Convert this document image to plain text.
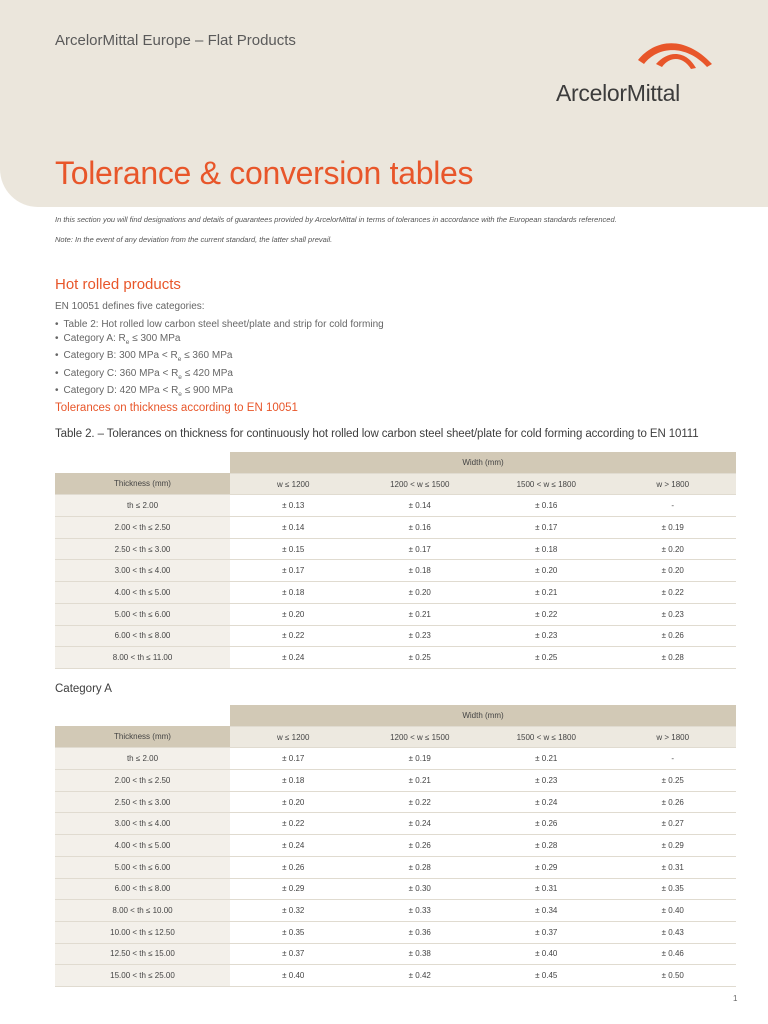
ArcelorMittal Europe – Flat Products
ArcelorMittal
Tolerance & conversion tables

In this section you will find designations and details of guarantees provided by ArcelorMittal in terms of tolerances in accordance with the European standards referenced.

Note: In the event of any deviation from the current standard, the latter shall prevail.

Hot rolled products
EN 10051 defines five categories:
• Table 2: Hot rolled low carbon steel sheet/plate and strip for cold forming
• Category A: $R_e \le 300$ MPa
• Category B: 300 MPa < $R_e \le 360$ MPa
• Category C: 360 MPa < $R_e \le 420$ MPa
• Category D: 420 MPa < $R_e \le 900$ MPa
Tolerances on thickness according to EN 10051
Table 2. – Tolerances on thickness for continuously hot rolled low carbon steel sheet/plate for cold forming according to EN 10111
	Width (mm)			
Thickness (mm)	w ≤ 1200	1200 < w ≤ 1500	1500 < w ≤ 1800	w > 1800
th ≤ 2.00	± 0.13	± 0.14	± 0.16	-
2.00 < th ≤ 2.50	± 0.14	± 0.16	± 0.17	± 0.19
2.50 < th ≤ 3.00	± 0.15	± 0.17	± 0.18	± 0.20
3.00 < th ≤ 4.00	± 0.17	± 0.18	± 0.20	± 0.20
4.00 < th ≤ 5.00	± 0.18	± 0.20	± 0.21	± 0.22
5.00 < th ≤ 6.00	± 0.20	± 0.21	± 0.22	± 0.23
6.00 < th ≤ 8.00	± 0.22	± 0.23	± 0.23	± 0.26
8.00 < th ≤ 11.00	± 0.24	± 0.25	± 0.25	± 0.28
Category A
	Width (mm)			
Thickness (mm)	w ≤ 1200	1200 < w ≤ 1500	1500 < w ≤ 1800	w > 1800
th ≤ 2.00	± 0.17	± 0.19	± 0.21	-
2.00 < th ≤ 2.50	± 0.18	± 0.21	± 0.23	± 0.25
2.50 < th ≤ 3.00	± 0.20	± 0.22	± 0.24	± 0.26
3.00 < th ≤ 4.00	± 0.22	± 0.24	± 0.26	± 0.27
4.00 < th ≤ 5.00	± 0.24	± 0.26	± 0.28	± 0.29
5.00 < th ≤ 6.00	± 0.26	± 0.28	± 0.29	± 0.31
6.00 < th ≤ 8.00	± 0.29	± 0.30	± 0.31	± 0.35
8.00 < th ≤ 10.00	± 0.32	± 0.33	± 0.34	± 0.40
10.00 < th ≤ 12.50	± 0.35	± 0.36	± 0.37	± 0.43
12.50 < th ≤ 15.00	± 0.37	± 0.38	± 0.40	± 0.46
15.00 < th ≤ 25.00	± 0.40	± 0.42	± 0.45	± 0.50
1
